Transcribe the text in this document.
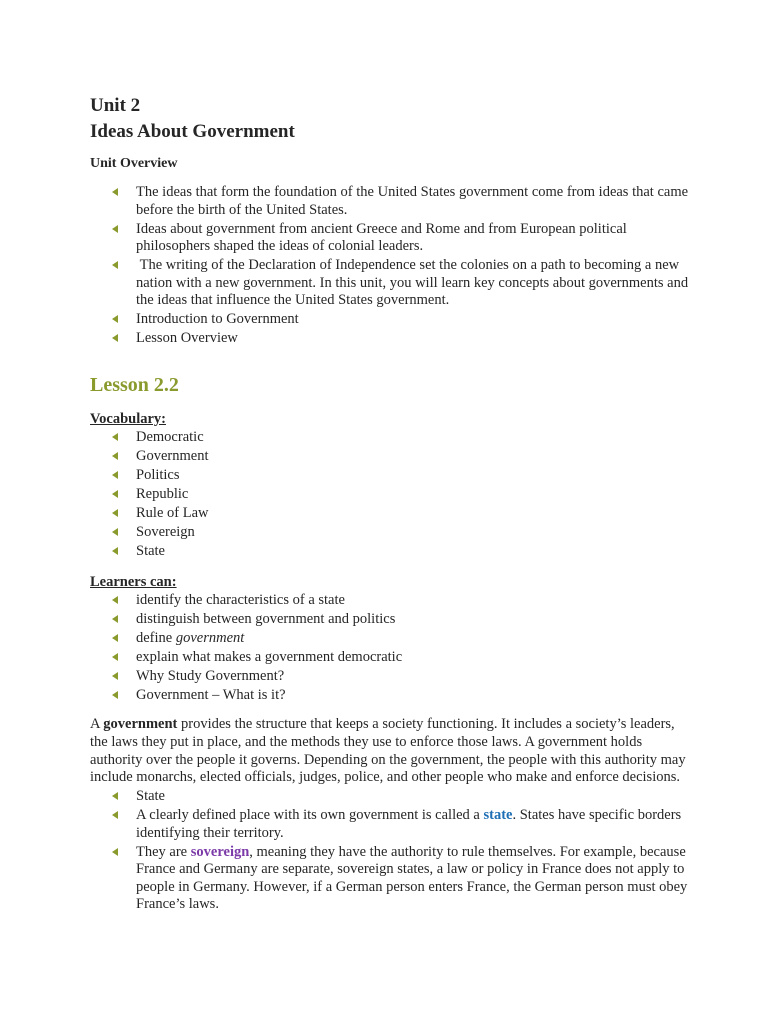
Unit 2
Ideas About Government
Unit Overview
The ideas that form the foundation of the United States government come from ideas that came before the birth of the United States.
Ideas about government from ancient Greece and Rome and from European political philosophers shaped the ideas of colonial leaders.
The writing of the Declaration of Independence set the colonies on a path to becoming a new nation with a new government. In this unit, you will learn key concepts about governments and the ideas that influence the United States government.
Introduction to Government
Lesson Overview
Lesson 2.2
Vocabulary:
Democratic
Government
Politics
Republic
Rule of Law
Sovereign
State
Learners can:
identify the characteristics of a state
distinguish between government and politics
define government
explain what makes a government democratic
Why Study Government?
Government – What is it?

A government provides the structure that keeps a society functioning. It includes a society’s leaders, the laws they put in place, and the methods they use to enforce those laws. A government holds authority over the people it governs. Depending on the government, the people with this authority may include monarchs, elected officials, judges, police, and other people who make and enforce decisions.

State
A clearly defined place with its own government is called a state. States have specific borders identifying their territory.
They are sovereign, meaning they have the authority to rule themselves. For example, because France and Germany are separate, sovereign states, a law or policy in France does not apply to people in Germany. However, if a German person enters France, the German person must obey France’s laws.
